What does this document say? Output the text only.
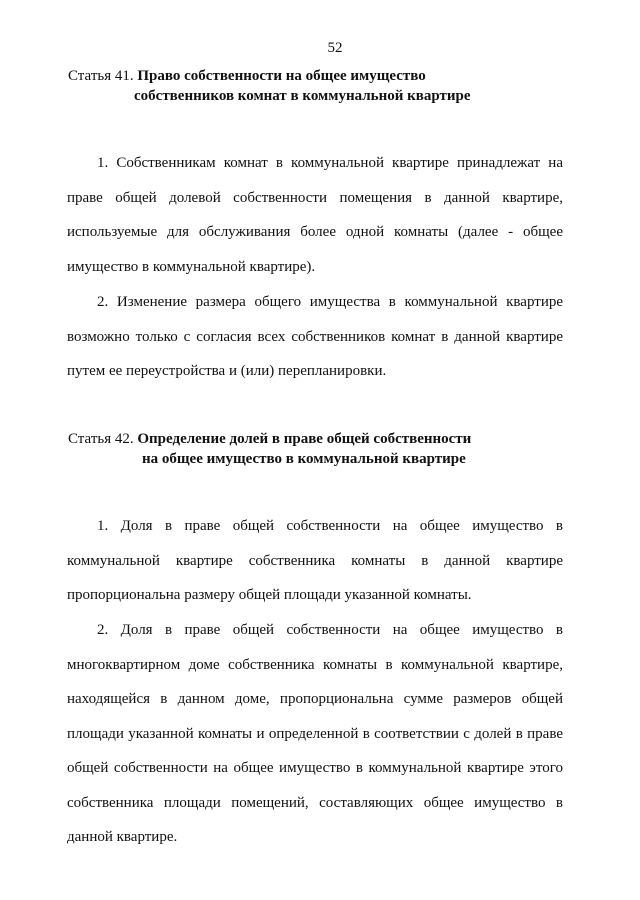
52
Статья 41. Право собственности на общее имущество
собственников комнат в коммунальной квартире

1. Собственникам комнат в коммунальной квартире принадлежат на праве общей долевой собственности помещения в данной квартире, используемые для обслуживания более одной комнаты (далее - общее имущество в коммунальной квартире).

2. Изменение размера общего имущества в коммунальной квартире возможно только с согласия всех собственников комнат в данной квартире путем ее переустройства и (или) перепланировки.

Статья 42. Определение долей в праве общей собственности
на общее имущество в коммунальной квартире

1. Доля в праве общей собственности на общее имущество в коммунальной квартире собственника комнаты в данной квартире пропорциональна размеру общей площади указанной комнаты.

2. Доля в праве общей собственности на общее имущество в многоквартирном доме собственника комнаты в коммунальной квартире, находящейся в данном доме, пропорциональна сумме размеров общей площади указанной комнаты и определенной в соответствии с долей в праве общей собственности на общее имущество в коммунальной квартире этого собственника площади помещений, составляющих общее имущество в данной квартире.
